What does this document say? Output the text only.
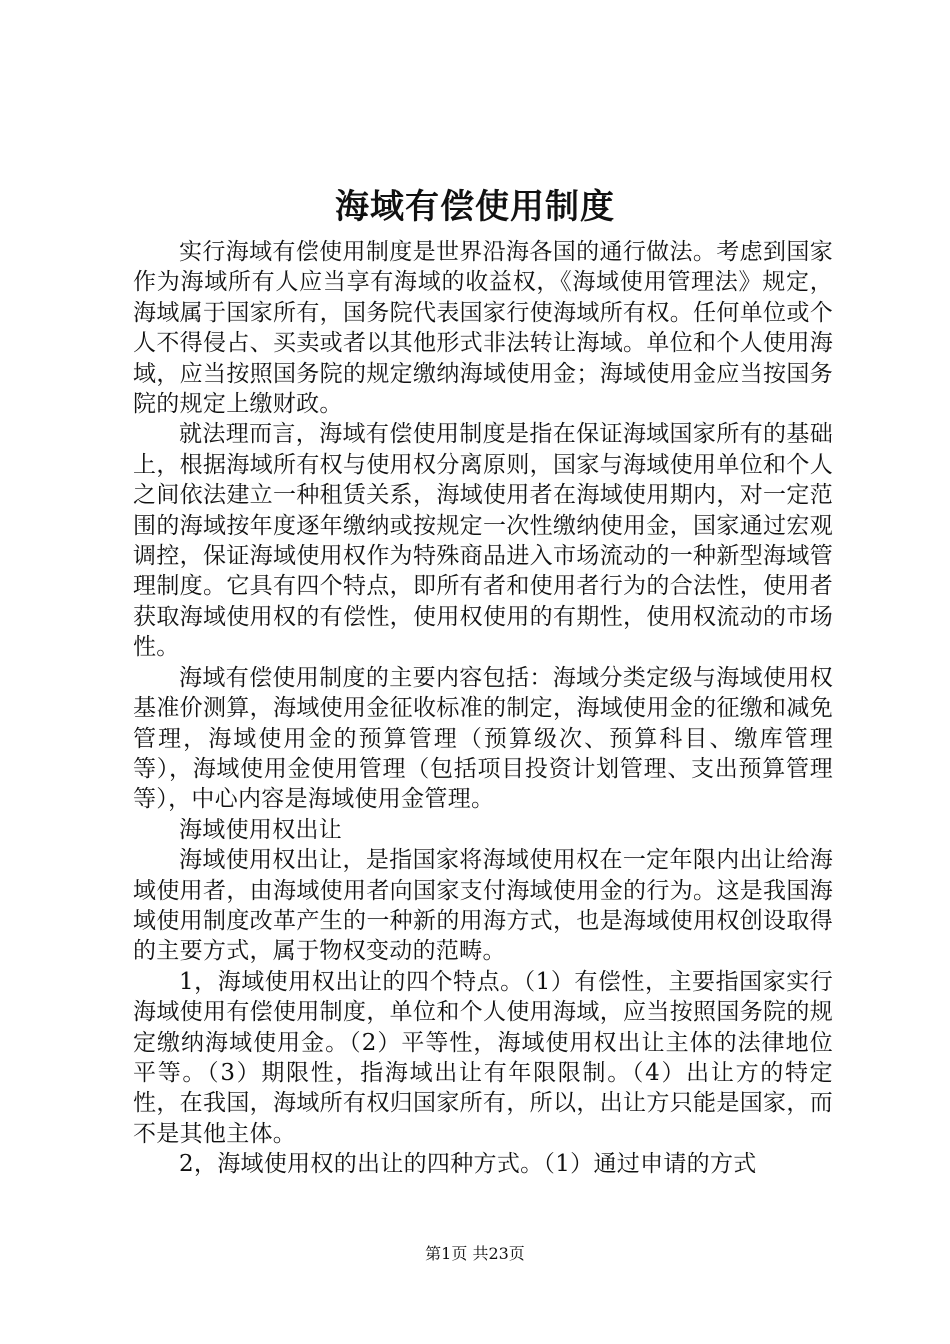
海域有偿使用制度

实行海域有偿使用制度是世界沿海各国的通行做法。考虑到国家作为海域所有人应当享有海域的收益权，《海域使用管理法》规定，海域属于国家所有，国务院代表国家行使海域所有权。任何单位或个人不得侵占、买卖或者以其他形式非法转让海域。单位和个人使用海域，应当按照国务院的规定缴纳海域使用金；海域使用金应当按国务院的规定上缴财政。

就法理而言，海域有偿使用制度是指在保证海域国家所有的基础上，根据海域所有权与使用权分离原则，国家与海域使用单位和个人之间依法建立一种租赁关系，海域使用者在海域使用期内，对一定范围的海域按年度逐年缴纳或按规定一次性缴纳使用金，国家通过宏观调控，保证海域使用权作为特殊商品进入市场流动的一种新型海域管理制度。它具有四个特点，即所有者和使用者行为的合法性，使用者获取海域使用权的有偿性，使用权使用的有期性，使用权流动的市场性。

海域有偿使用制度的主要内容包括：海域分类定级与海域使用权基准价测算，海域使用金征收标准的制定，海域使用金的征缴和减免管理，海域使用金的预算管理（预算级次、预算科目、缴库管理等），海域使用金使用管理（包括项目投资计划管理、支出预算管理等），中心内容是海域使用金管理。

海域使用权出让

海域使用权出让，是指国家将海域使用权在一定年限内出让给海域使用者，由海域使用者向国家支付海域使用金的行为。这是我国海域使用制度改革产生的一种新的用海方式，也是海域使用权创设取得的主要方式，属于物权变动的范畴。

1，海域使用权出让的四个特点。（1）有偿性，主要指国家实行海域使用有偿使用制度，单位和个人使用海域，应当按照国务院的规定缴纳海域使用金。（2）平等性，海域使用权出让主体的法律地位平等。（3）期限性，指海域出让有年限限制。（4）出让方的特定性，在我国，海域所有权归国家所有，所以，出让方只能是国家，而不是其他主体。

2，海域使用权的出让的四种方式。（1）通过申请的方式

第1页 共23页
